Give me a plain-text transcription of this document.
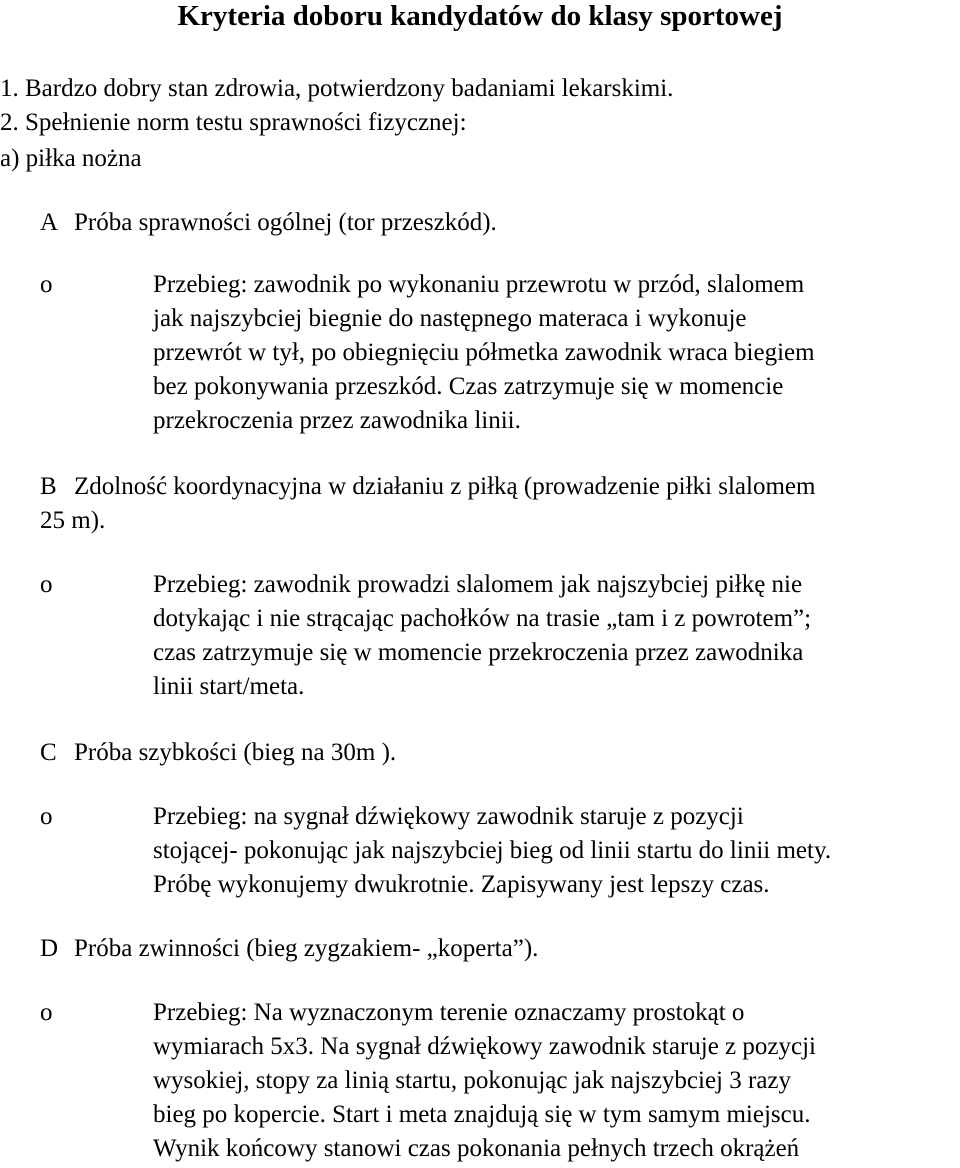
Kryteria doboru kandydatów do klasy sportowej

1. Bardzo dobry stan zdrowia, potwierdzony badaniami lekarskimi.

2. Spełnienie norm testu sprawności fizycznej:

a) piłka nożna

A Próba sprawności ogólnej (tor przeszkód).

o	Przebieg: zawodnik po wykonaniu przewrotu w przód, slalomem
jak najszybciej biegnie do następnego materaca i wykonuje
przewrót w tył, po obiegnięciu półmetka zawodnik wraca biegiem
bez pokonywania przeszkód. Czas zatrzymuje się w momencie
przekroczenia przez zawodnika linii.

B Zdolność koordynacyjna w działaniu z piłką (prowadzenie piłki slalomem

25 m).

o	Przebieg: zawodnik prowadzi slalomem jak najszybciej piłkę nie
dotykając i nie strącając pachołków na trasie „tam i z powrotem”;
czas zatrzymuje się w momencie przekroczenia przez zawodnika
linii start/meta.

C Próba szybkości (bieg na 30m ).

o	Przebieg: na sygnał dźwiękowy zawodnik staruje z pozycji
stojącej- pokonując jak najszybciej bieg od linii startu do linii mety.
Próbę wykonujemy dwukrotnie. Zapisywany jest lepszy czas.

D Próba zwinności (bieg zygzakiem- „koperta”).

o	Przebieg: Na wyznaczonym terenie oznaczamy prostokąt o
wymiarach 5x3. Na sygnał dźwiękowy zawodnik staruje z pozycji
wysokiej, stopy za linią startu, pokonując jak najszybciej 3 razy
bieg po kopercie. Start i meta znajdują się w tym samym miejscu.
Wynik końcowy stanowi czas pokonania pełnych trzech okrążeń
